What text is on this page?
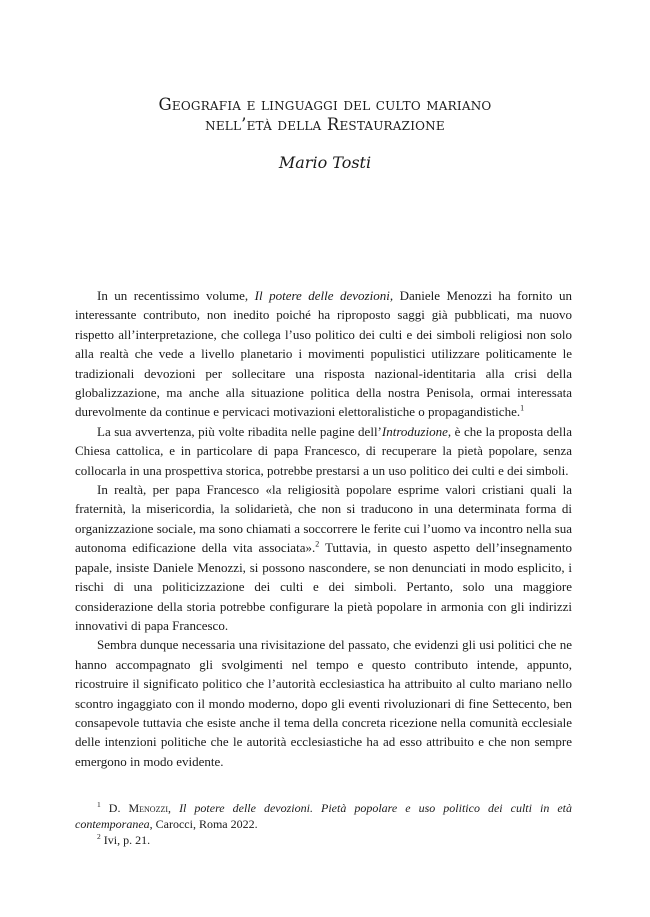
Geografia e linguaggi del culto mariano
nell’età della Restaurazione
Mario Tosti

In un recentissimo volume, Il potere delle devozioni, Daniele Menozzi ha fornito un interessante contributo, non inedito poiché ha riproposto saggi già pubblicati, ma nuovo rispetto all’interpretazione, che collega l’uso politico dei culti e dei simboli religiosi non solo alla realtà che vede a livello planetario i movimenti populistici utilizzare politicamente le tradizionali devozioni per sollecitare una risposta nazional-identitaria alla crisi della globalizzazione, ma anche alla situazione politica della nostra Penisola, ormai interessata durevolmente da continue e pervicaci motivazioni elettoralistiche o propagandistiche.$^1$

La sua avvertenza, più volte ribadita nelle pagine dell’Introduzione, è che la proposta della Chiesa cattolica, e in particolare di papa Francesco, di recuperare la pietà popolare, senza collocarla in una prospettiva storica, potrebbe prestarsi a un uso politico dei culti e dei simboli.

In realtà, per papa Francesco «la religiosità popolare esprime valori cristiani quali la fraternità, la misericordia, la solidarietà, che non si traducono in una determinata forma di organizzazione sociale, ma sono chiamati a soccorrere le ferite cui l’uomo va incontro nella sua autonoma edificazione della vita associata».$^2$ Tuttavia, in questo aspetto dell’insegnamento papale, insiste Daniele Menozzi, si possono nascondere, se non denunciati in modo esplicito, i rischi di una politicizzazione dei culti e dei simboli. Pertanto, solo una maggiore considerazione della storia potrebbe configurare la pietà popolare in armonia con gli indirizzi innovativi di papa Francesco.

Sembra dunque necessaria una rivisitazione del passato, che evidenzi gli usi politici che ne hanno accompagnato gli svolgimenti nel tempo e questo contributo intende, appunto, ricostruire il significato politico che l’autorità ecclesiastica ha attribuito al culto mariano nello scontro ingaggiato con il mondo moderno, dopo gli eventi rivoluzionari di fine Settecento, ben consapevole tuttavia che esiste anche il tema della concreta ricezione nella comunità ecclesiale delle intenzioni politiche che le autorità ecclesiastiche ha ad esso attribuito e che non sempre emergono in modo evidente.

$^1$ D. Menozzi, Il potere delle devozioni. Pietà popolare e uso politico dei culti in età contemporanea, Carocci, Roma 2022.

$^2$ Ivi, p. 21.
